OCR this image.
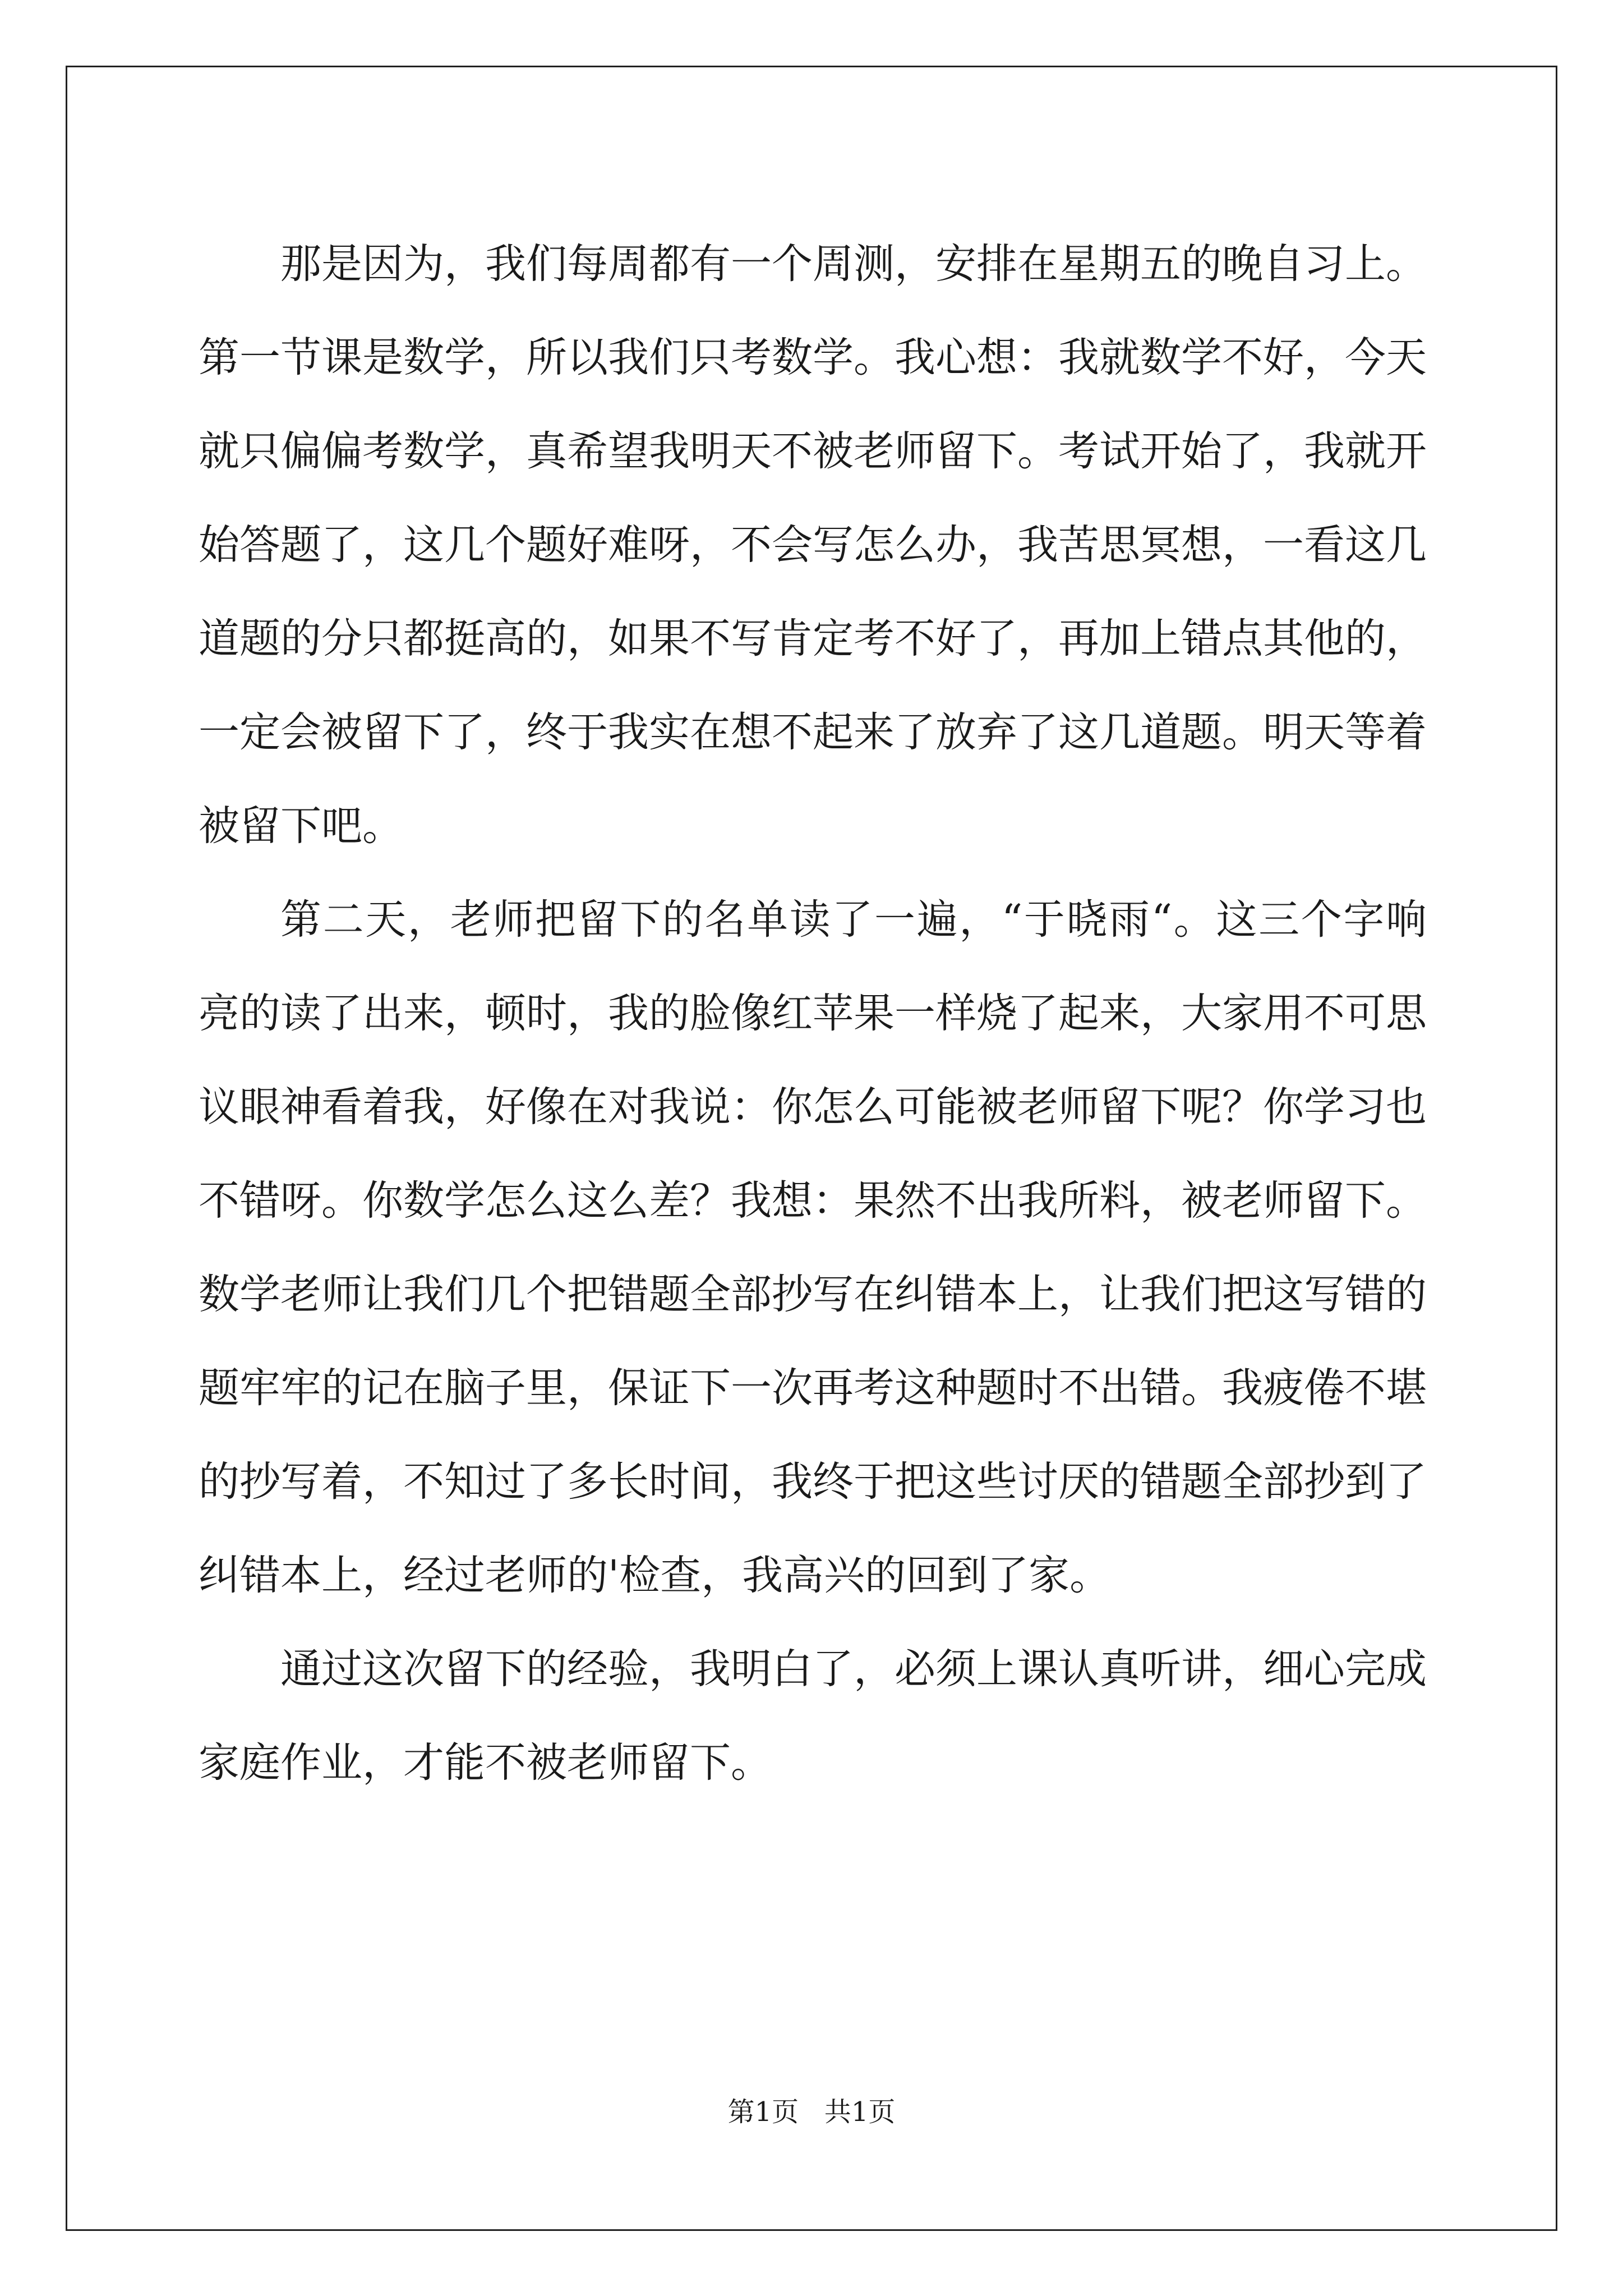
那是因为，我们每周都有一个周测，安排在星期五的晚自习上。第一节课是数学，所以我们只考数学。我心想：我就数学不好，今天就只偏偏考数学，真希望我明天不被老师留下。考试开始了，我就开始答题了，这几个题好难呀，不会写怎么办，我苦思冥想，一看这几道题的分只都挺高的，如果不写肯定考不好了，再加上错点其他的，一定会被留下了，终于我实在想不起来了放弃了这几道题。明天等着被留下吧。

第二天，老师把留下的名单读了一遍，“于晓雨“。这三个字响亮的读了出来，顿时，我的脸像红苹果一样烧了起来，大家用不可思议眼神看着我，好像在对我说：你怎么可能被老师留下呢？你学习也不错呀。你数学怎么这么差？我想：果然不出我所料，被老师留下。数学老师让我们几个把错题全部抄写在纠错本上，让我们把这写错的题牢牢的记在脑子里，保证下一次再考这种题时不出错。我疲倦不堪的抄写着，不知过了多长时间，我终于把这些讨厌的错题全部抄到了纠错本上，经过老师的'检查，我高兴的回到了家。

通过这次留下的经验，我明白了，必须上课认真听讲，细心完成家庭作业，才能不被老师留下。

第1页 共1页
